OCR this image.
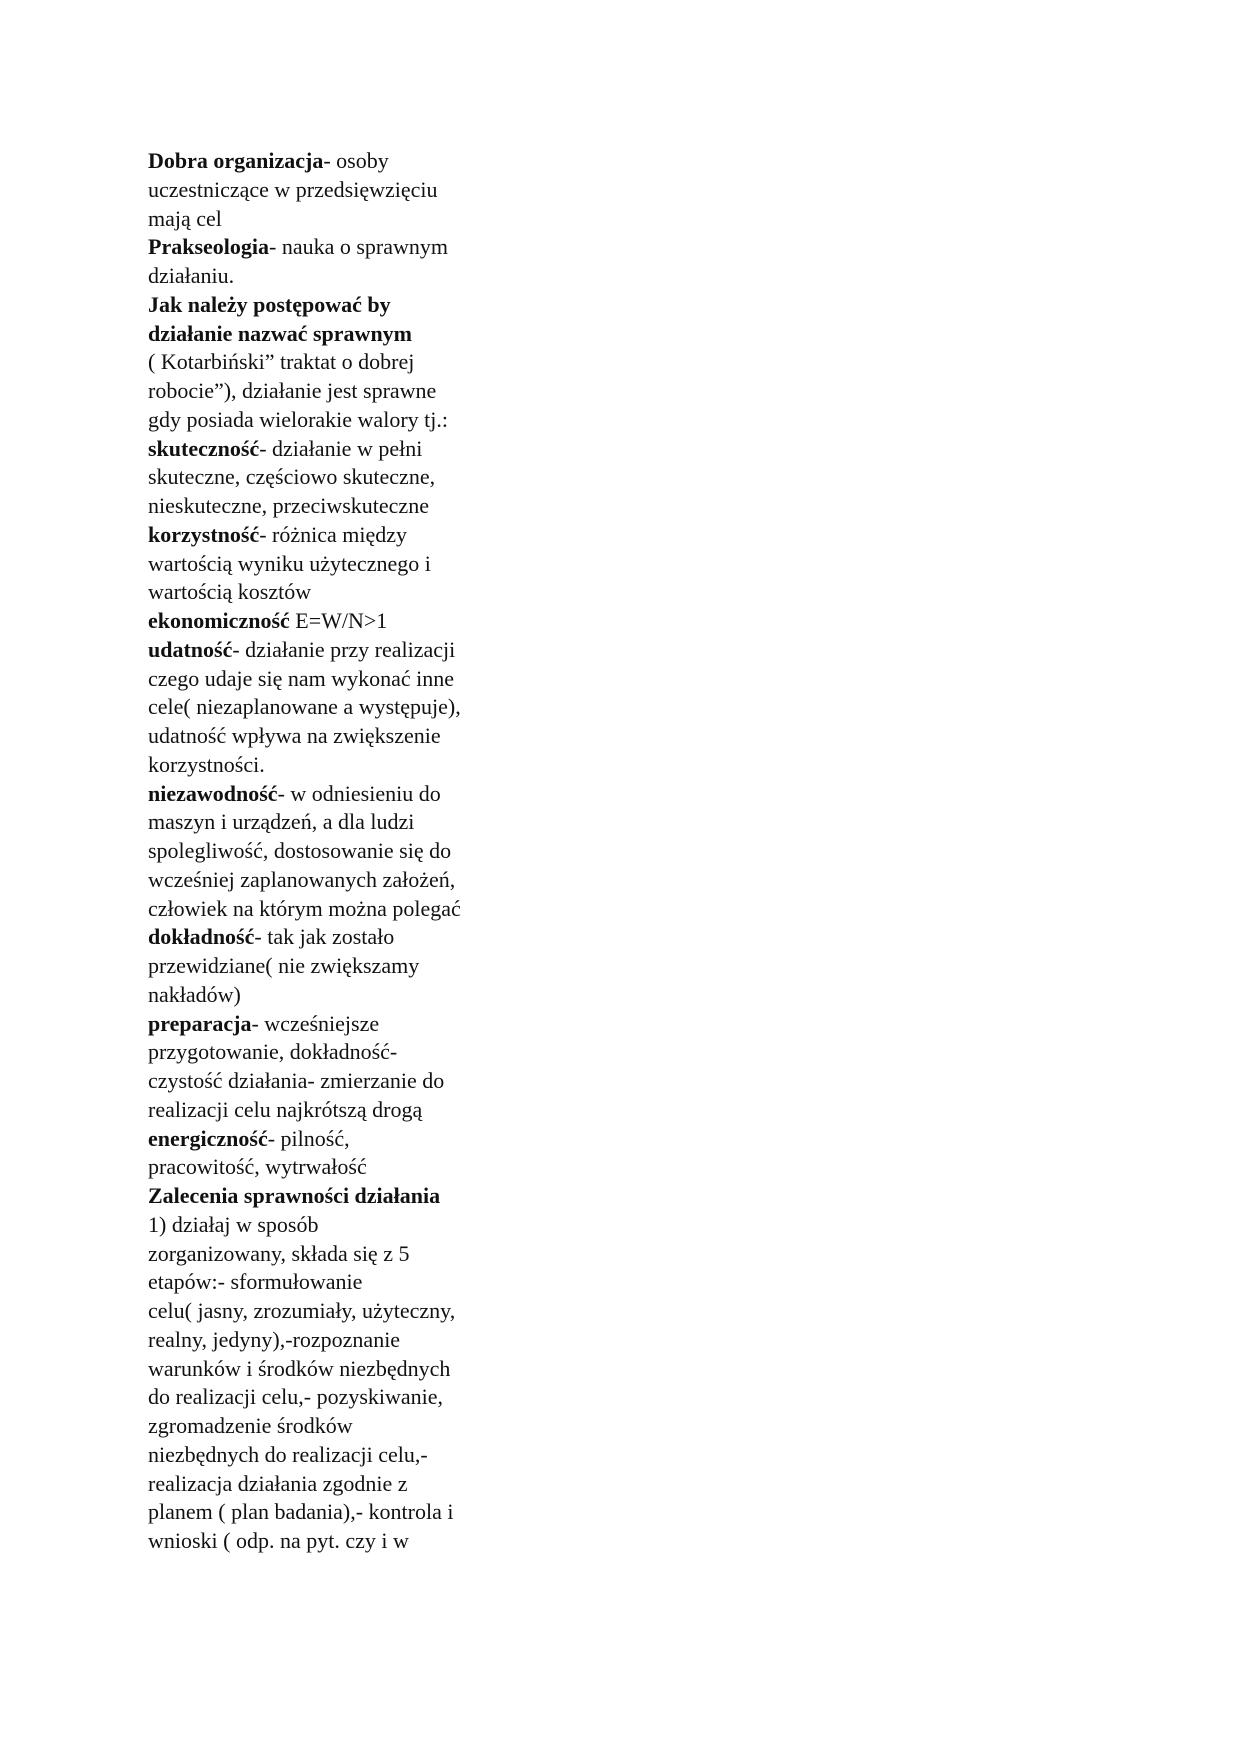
Dobra organizacja- osoby
uczestniczące w przedsięwzięciu
mają cel
Prakseologia- nauka o sprawnym
działaniu.
Jak należy postępować by
działanie nazwać sprawnym
( Kotarbiński” traktat o dobrej
robocie”), działanie jest sprawne
gdy posiada wielorakie walory tj.:
skuteczność- działanie w pełni
skuteczne, częściowo skuteczne,
nieskuteczne, przeciwskuteczne
korzystność- różnica między
wartością wyniku użytecznego i
wartością kosztów
ekonomiczność E=W/N>1
udatność- działanie przy realizacji
czego udaje się nam wykonać inne
cele( niezaplanowane a występuje),
udatność wpływa na zwiększenie
korzystności.
niezawodność- w odniesieniu do
maszyn i urządzeń, a dla ludzi
spolegliwość, dostosowanie się do
wcześniej zaplanowanych założeń,
człowiek na którym można polegać
dokładność- tak jak zostało
przewidziane( nie zwiększamy
nakładów)
preparacja- wcześniejsze
przygotowanie, dokładność-
czystość działania- zmierzanie do
realizacji celu najkrótszą drogą
energiczność- pilność,
pracowitość, wytrwałość
Zalecenia sprawności działania
1) działaj w sposób
zorganizowany, składa się z 5
etapów:- sformułowanie
celu( jasny, zrozumiały, użyteczny,
realny, jedyny),-rozpoznanie
warunków i środków niezbędnych
do realizacji celu,- pozyskiwanie,
zgromadzenie środków
niezbędnych do realizacji celu,-
realizacja działania zgodnie z
planem ( plan badania),- kontrola i
wnioski ( odp. na pyt. czy i w
